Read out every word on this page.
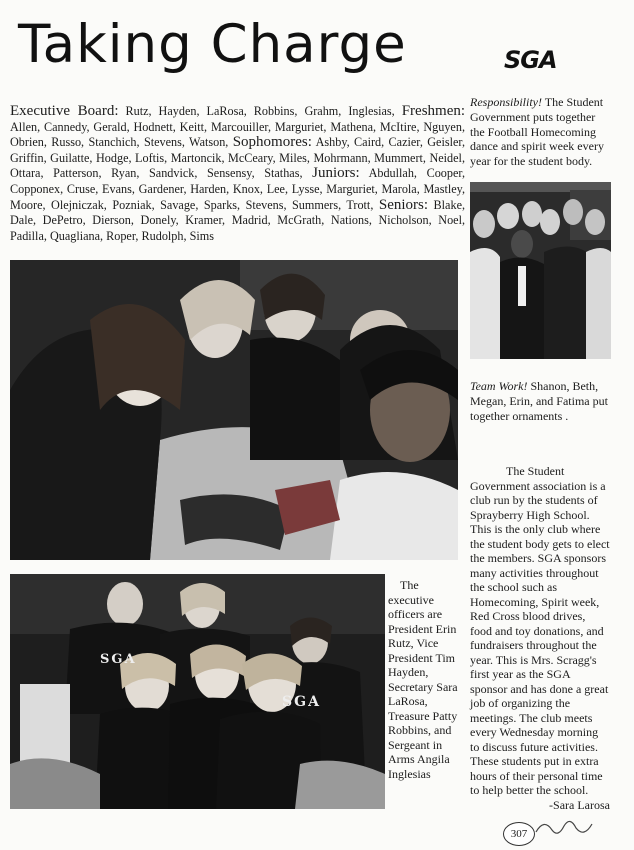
Taking Charge	SGA
Executive Board: Rutz, Hayden, LaRosa, Robbins, Grahm, Inglesias, Freshmen: Allen, Cannedy, Gerald, Hodnett, Keitt, Marcouiller, Marguriet, Mathena, McItire, Nguyen, Obrien, Russo, Stanchich, Stevens, Watson, Sophomores: Ashby, Caird, Cazier, Geisler, Griffin, Guilatte, Hodge, Loftis, Martoncik, McCeary, Miles, Mohrmann, Mummert, Neidel, Ottara, Patterson, Ryan, Sandvick, Sensensy, Stathas, Juniors: Abdullah, Cooper, Copponex, Cruse, Evans, Gardener, Harden, Knox, Lee, Lysse, Marguriet, Marola, Mastley, Moore, Olejniczak, Pozniak, Savage, Sparks, Stevens, Summers, Trott, Seniors: Blake, Dale, DePetro, Dierson, Donely, Kramer, Madrid, McGrath, Nations, Nicholson, Noel, Padilla, Quagliana, Roper, Rudolph, Sims
Responsibility! The Student Government puts together the Football Homecoming dance and spirit week every year for the student body.
Team Work! Shanon, Beth, Megan, Erin, and Fatima put together ornaments .
SGA
SGA

The executive officers are President Erin Rutz, Vice President Tim Hayden, Secretary Sara LaRosa, Treasure Patty Robbins, and Sergeant in Arms Angila Inglesias

The Student Government association is a club run by the students of Sprayberry High School. This is the only club where the student body gets to elect the members. SGA sponsors many activities throughout the school such as Homecoming, Spirit week, Red Cross blood drives, food and toy donations, and fundraisers throughout the year. This is Mrs. Scragg's first year as the SGA sponsor and has done a great job of organizing the meetings. The club meets every Wednesday morning to discuss future activities. These students put in extra hours of their personal time to help better the school.

-Sara Larosa
307
